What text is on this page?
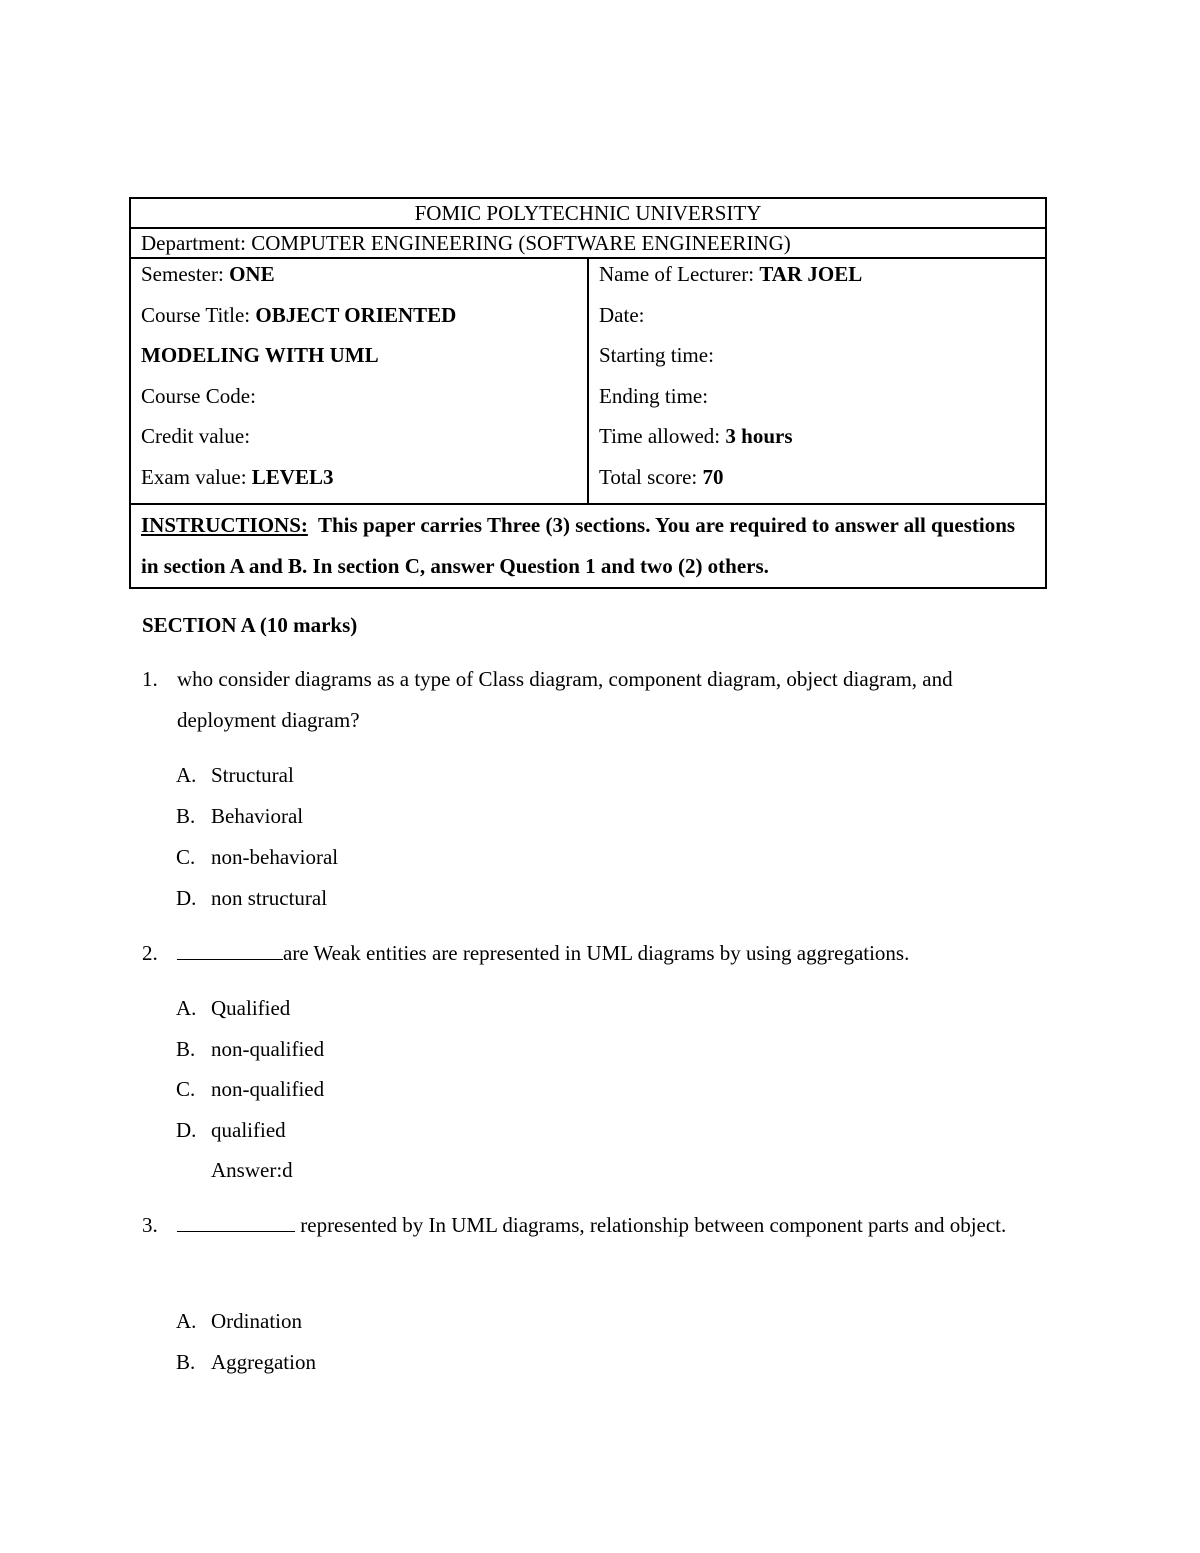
FOMIC POLYTECHNIC UNIVERSITY
Department: COMPUTER ENGINEERING (SOFTWARE ENGINEERING)

Semester: ONE
Course Title: OBJECT ORIENTED
MODELING WITH UML
Course Code:
Credit value:
Exam value: LEVEL3

Name of Lecturer: TAR JOEL
Date:
Starting time:
Ending time:
Time allowed: 3 hours
Total score: 70

INSTRUCTIONS: This paper carries Three (3) sections. You are required to answer all questions in section A and B. In section C, answer Question 1 and two (2) others.
SECTION A (10 marks)
1. who consider diagrams as a type of Class diagram, component diagram, object diagram, and deployment diagram?
A. Structural
B. Behavioral
C. non-behavioral
D. non structural
2.	are Weak entities are represented in UML diagrams by using aggregations.
A. Qualified
B. non-qualified
C. non-qualified
D. qualified
Answer:d
3.	represented by In UML diagrams, relationship between component parts and object.
A. Ordination
B. Aggregation
